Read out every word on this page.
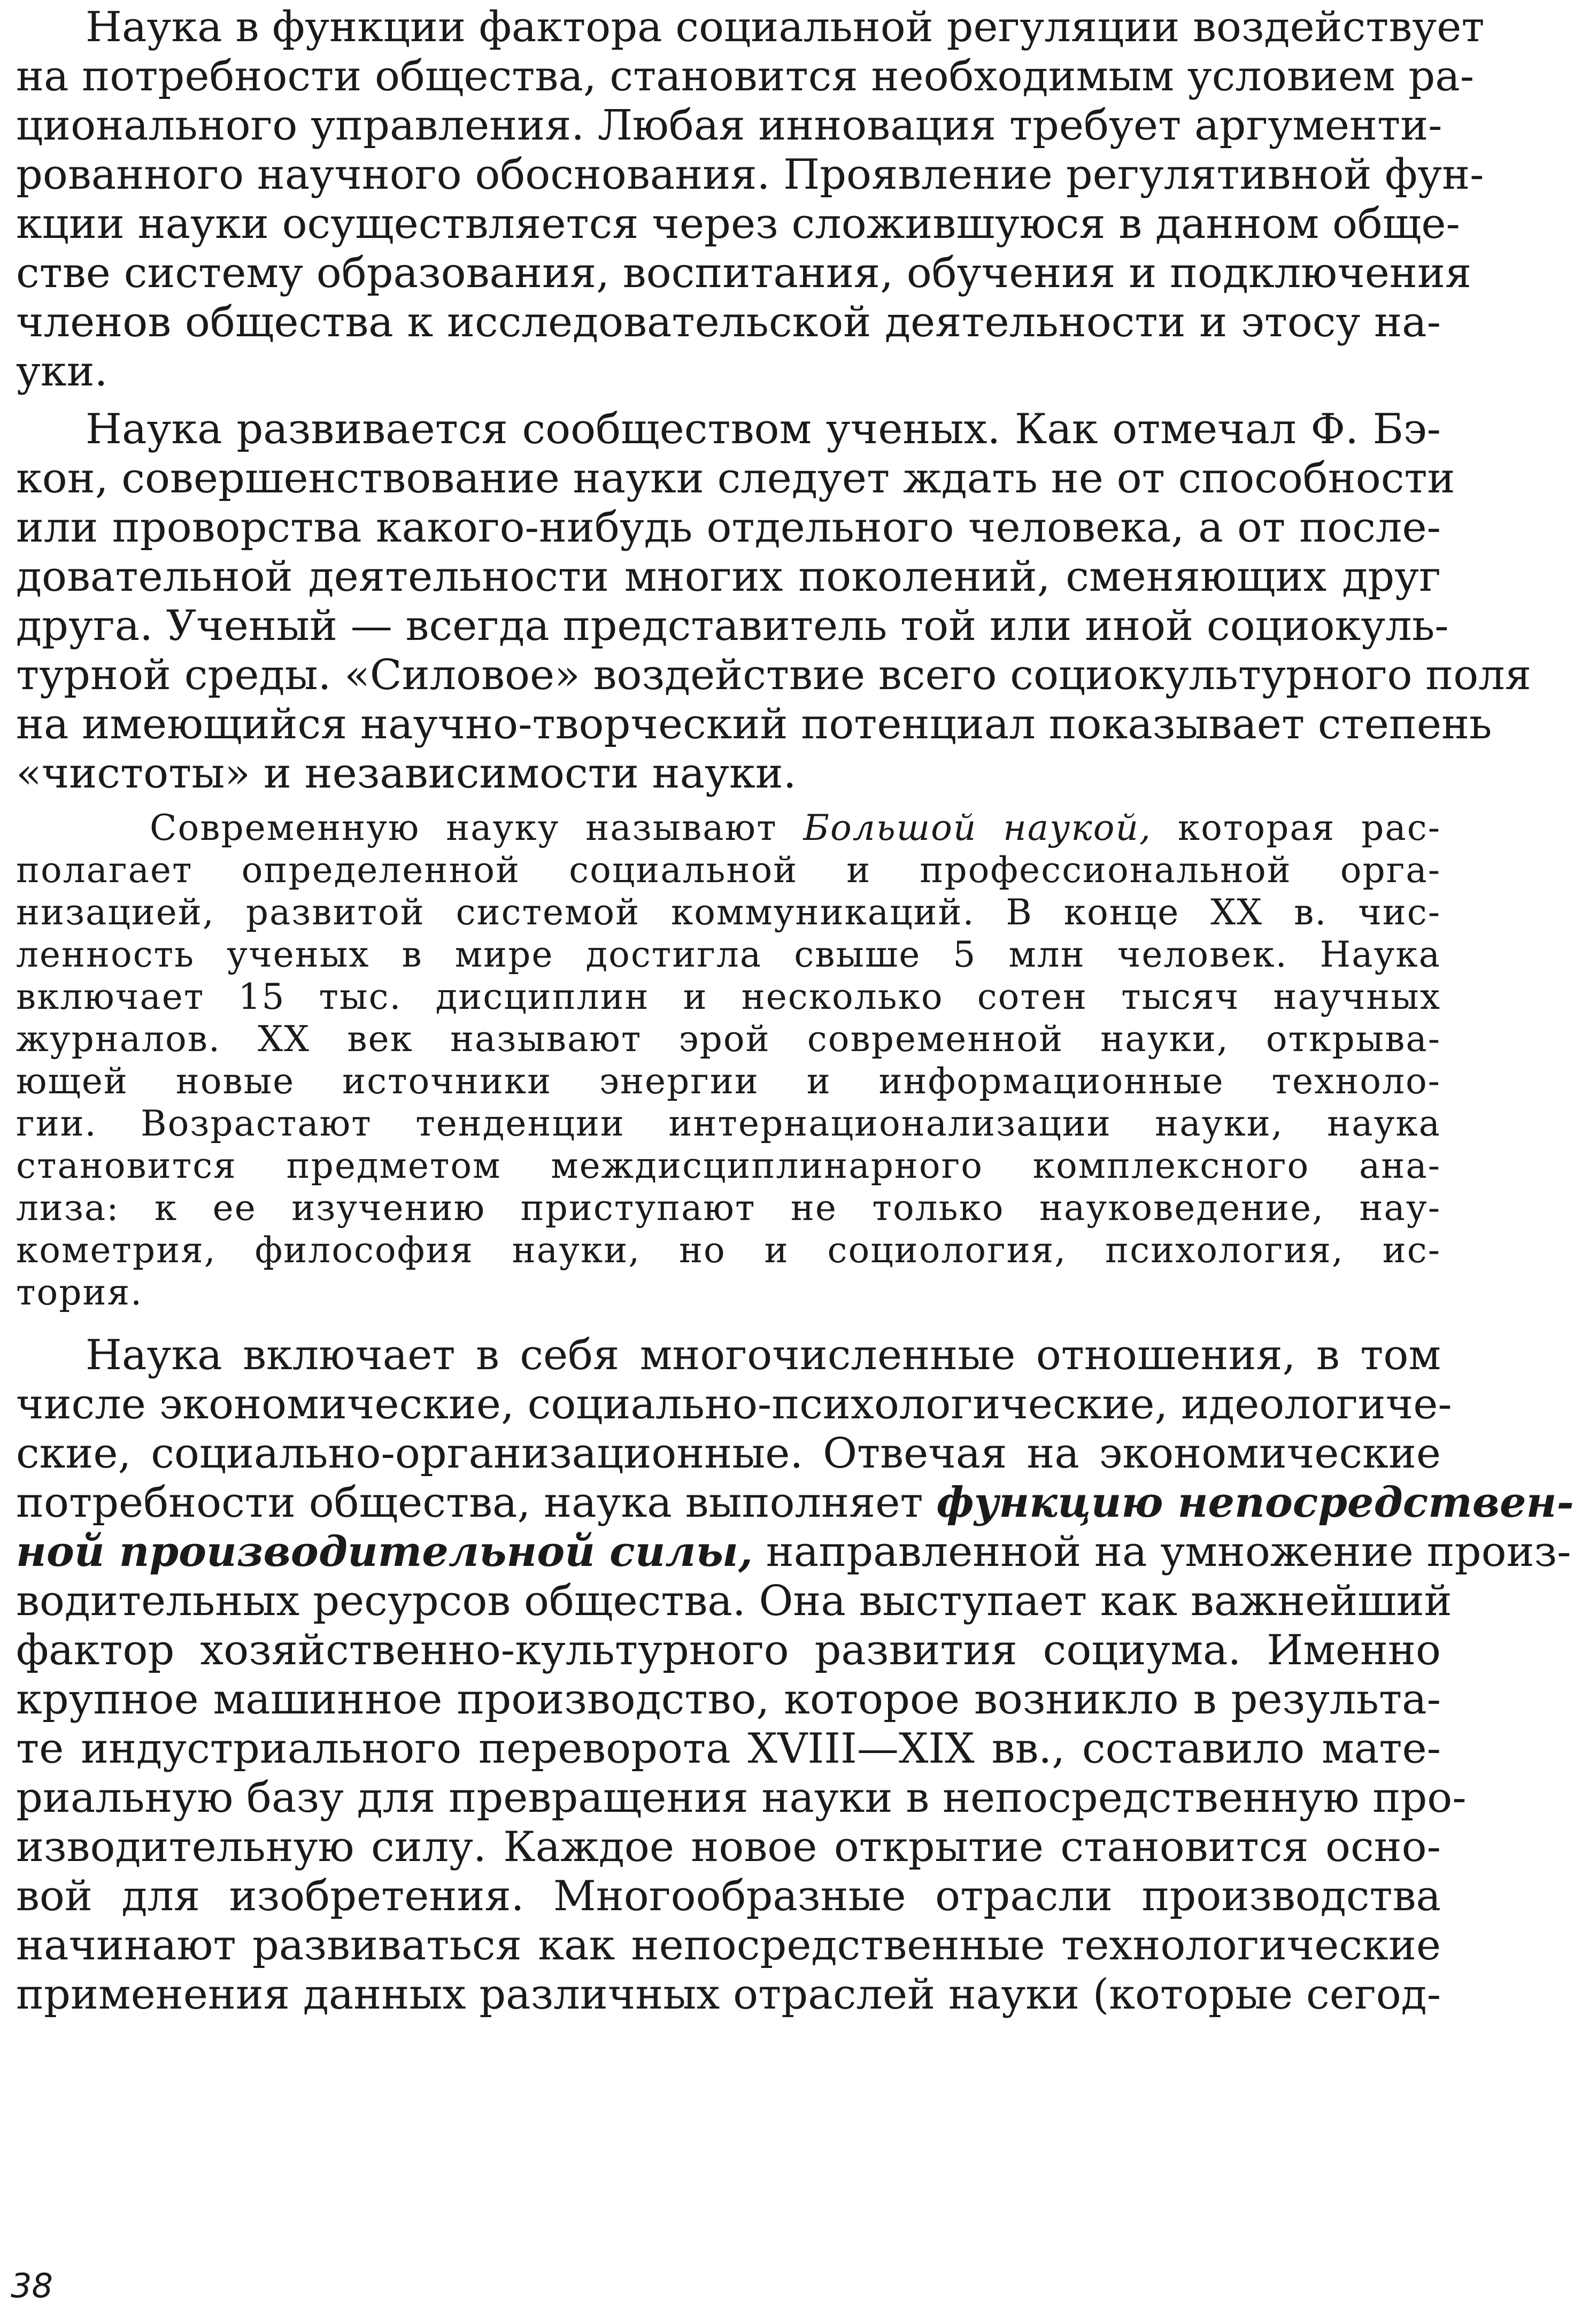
Наука в функции фактора социальной регуляции воздействует
на потребности общества, становится необходимым условием ра-
ционального управления. Любая инновация требует аргументи-
рованного научного обоснования. Проявление регулятивной фун-
кции науки осуществляется через сложившуюся в данном обще-
стве систему образования, воспитания, обучения и подключения
членов общества к исследовательской деятельности и этосу на-
уки.
Наука развивается сообществом ученых. Как отмечал Ф. Бэ-
кон, совершенствование науки следует ждать не от способности
или проворства какого-нибудь отдельного человека, а от после-
довательной деятельности многих поколений, сменяющих друг
друга. Ученый — всегда представитель той или иной социокуль-
турной среды. «Силовое» воздействие всего социокультурного поля
на имеющийся научно-творческий потенциал показывает степень
«чистоты» и независимости науки.
Современную науку называют Большой наукой, которая рас-
полагает определенной социальной и профессиональной орга-
низацией, развитой системой коммуникаций. В конце XX в. чис-
ленность ученых в мире достигла свыше 5 млн человек. Наука
включает 15 тыс. дисциплин и несколько сотен тысяч научных
журналов. XX век называют эрой современной науки, открыва-
ющей новые источники энергии и информационные техноло-
гии. Возрастают тенденции интернационализации науки, наука
становится предметом междисциплинарного комплексного ана-
лиза: к ее изучению приступают не только науковедение, нау-
кометрия, философия науки, но и социология, психология, ис-
тория.
Наука включает в себя многочисленные отношения, в том
числе экономические, социально-психологические, идеологиче-
ские, социально-организационные. Отвечая на экономические
потребности общества, наука выполняет функцию непосредствен-
ной производительной силы, направленной на умножение произ-
водительных ресурсов общества. Она выступает как важнейший
фактор хозяйственно-культурного развития социума. Именно
крупное машинное производство, которое возникло в результа-
те индустриального переворота XVIII—XIX вв., составило мате-
риальную базу для превращения науки в непосредственную про-
изводительную силу. Каждое новое открытие становится осно-
вой для изобретения. Многообразные отрасли производства
начинают развиваться как непосредственные технологические
применения данных различных отраслей науки (которые сегод-
38
